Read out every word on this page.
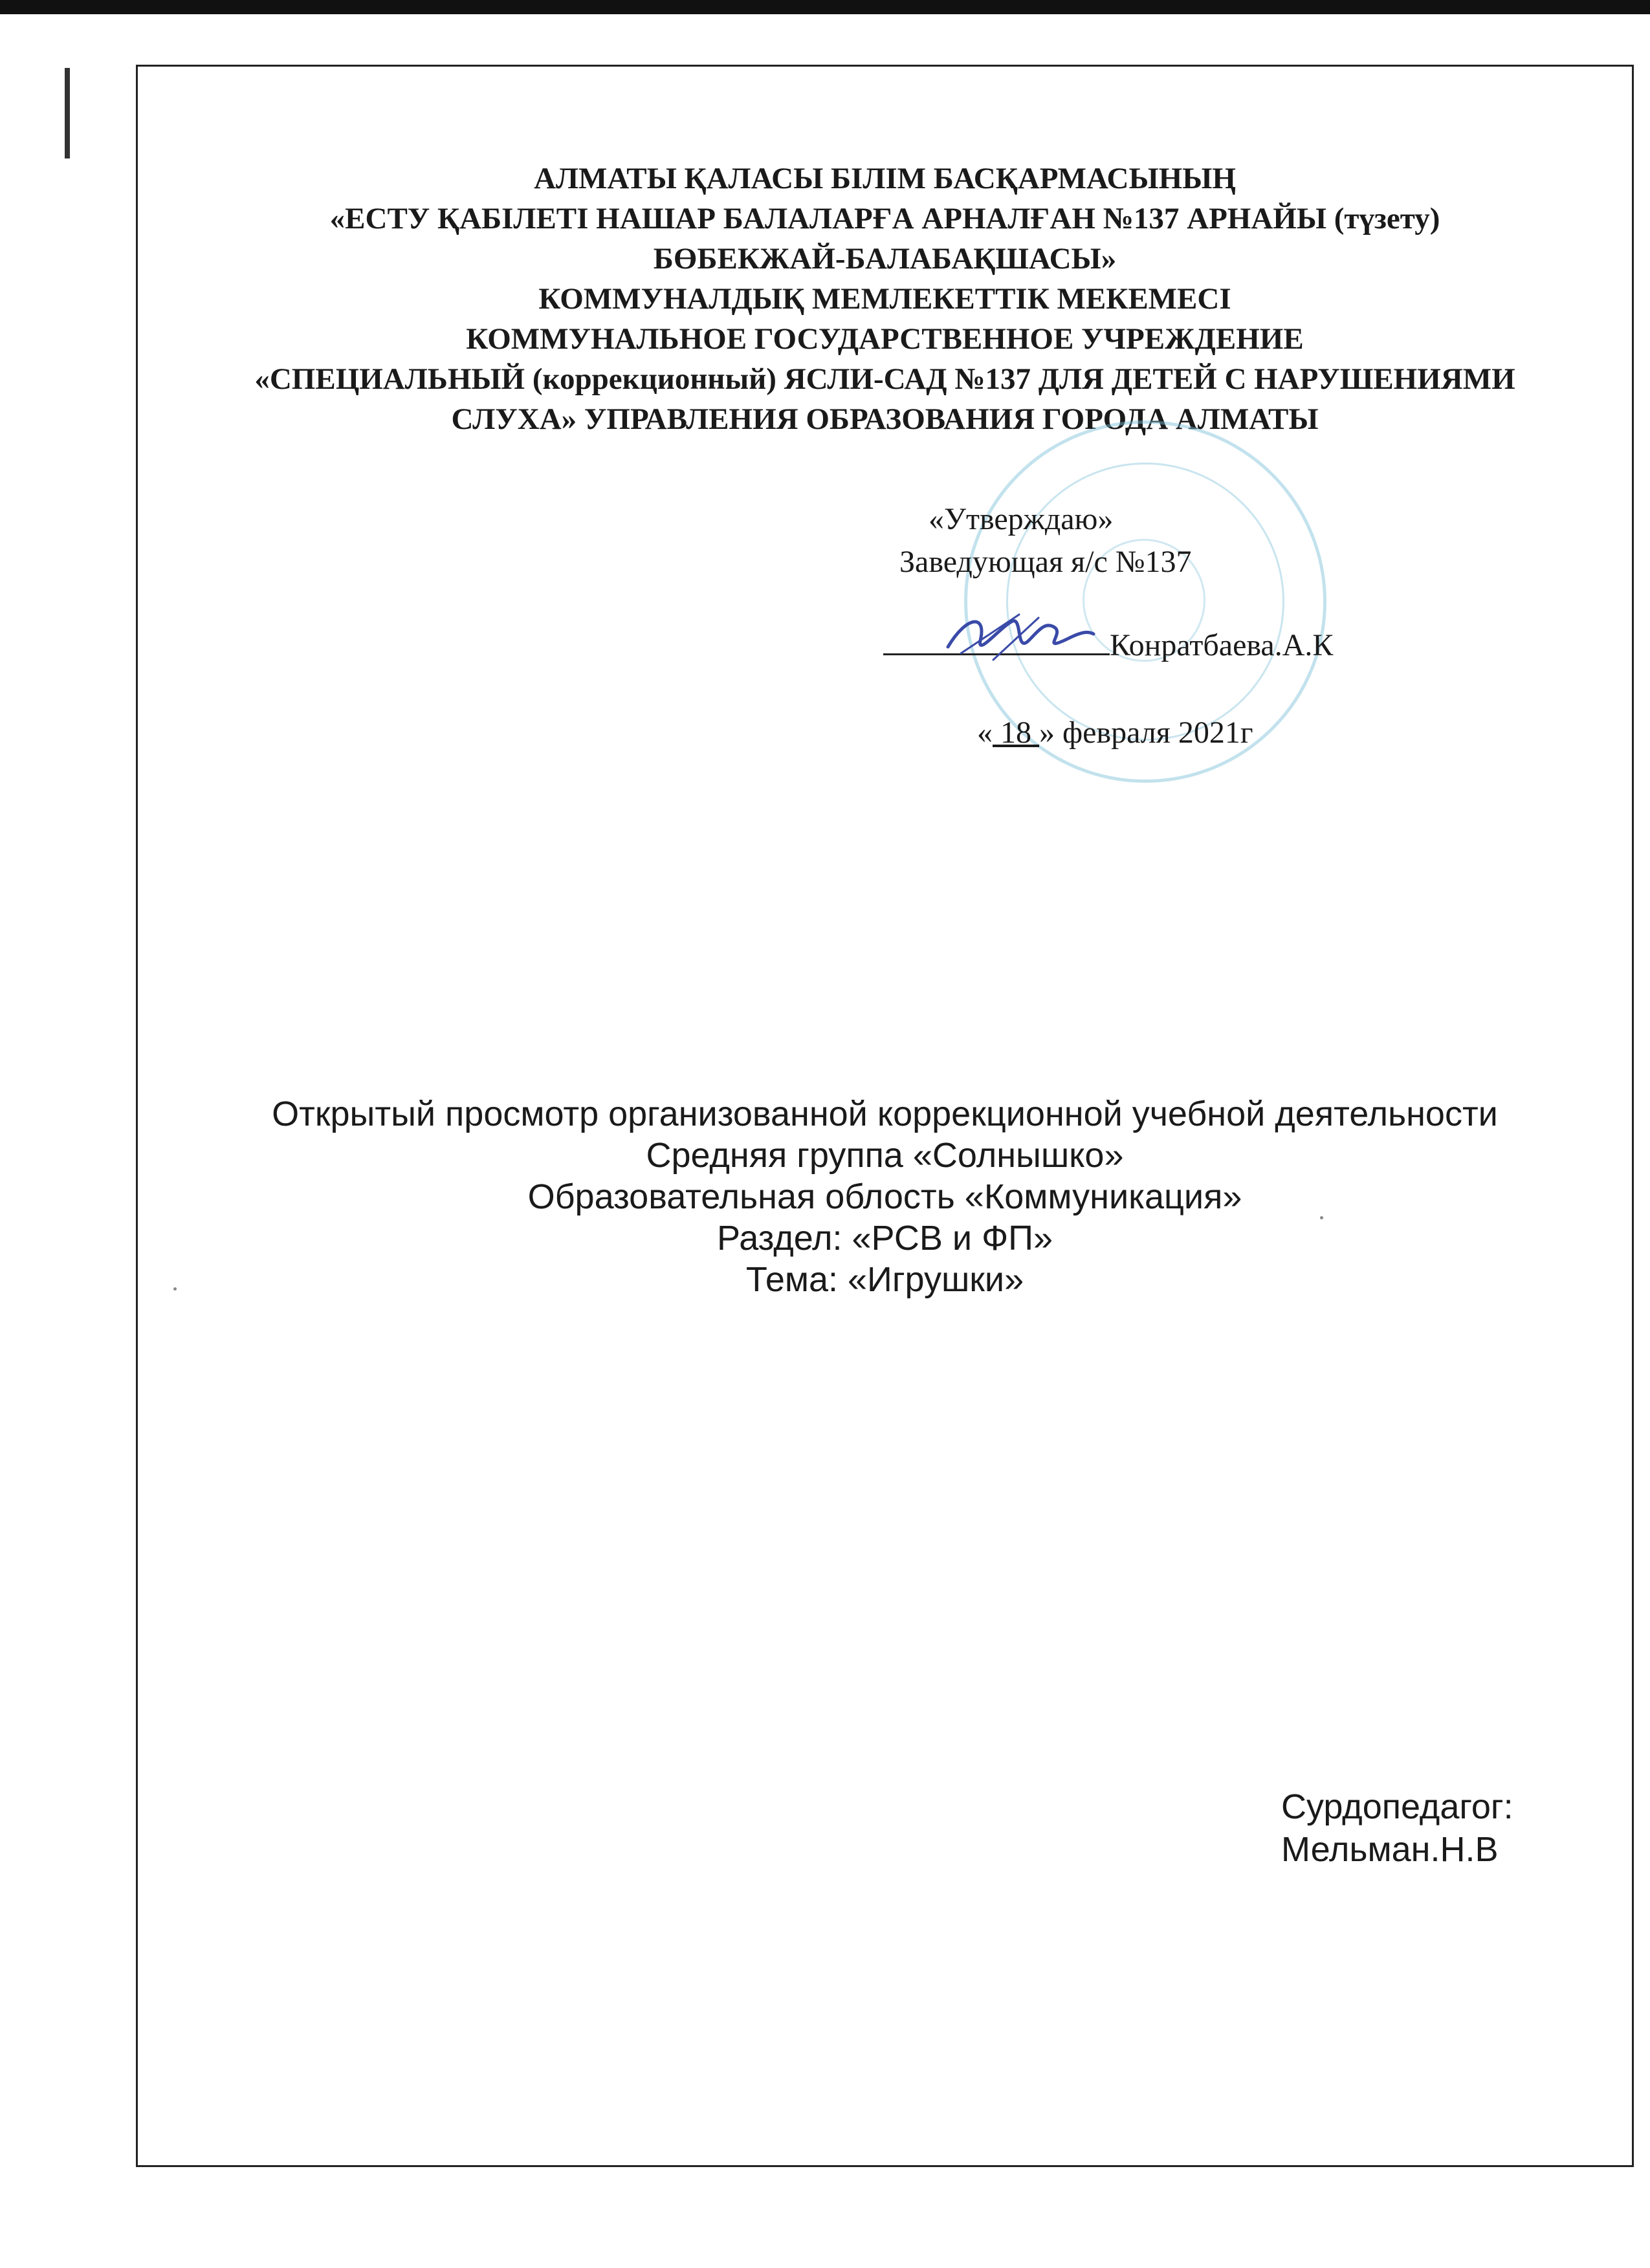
АЛМАТЫ ҚАЛАСЫ БІЛІМ БАСҚАРМАСЫНЫҢ
«ЕСТУ ҚАБІЛЕТІ НАШАР БАЛАЛАРҒА АРНАЛҒАН №137 АРНАЙЫ (түзету)
БӨБЕКЖАЙ-БАЛАБАҚШАСЫ»
КОММУНАЛДЫҚ МЕМЛЕКЕТТІК МЕКЕМЕСІ
КОММУНАЛЬНОЕ ГОСУДАРСТВЕННОЕ УЧРЕЖДЕНИЕ
«СПЕЦИАЛЬНЫЙ (коррекционный) ЯСЛИ-САД №137 ДЛЯ ДЕТЕЙ С НАРУШЕНИЯМИ
СЛУХА» УПРАВЛЕНИЯ ОБРАЗОВАНИЯ ГОРОДА АЛМАТЫ
«Утверждаю»
Заведующая я/с №137
Конратбаева.А.К
« 18 » февраля 2021г
Открытый просмотр организованной коррекционной учебной деятельности
Средняя группа «Солнышко»
Образовательная облость «Коммуникация»
Раздел: «РСВ и ФП»
Тема: «Игрушки»
Сурдопедагог:
Мельман.Н.В
